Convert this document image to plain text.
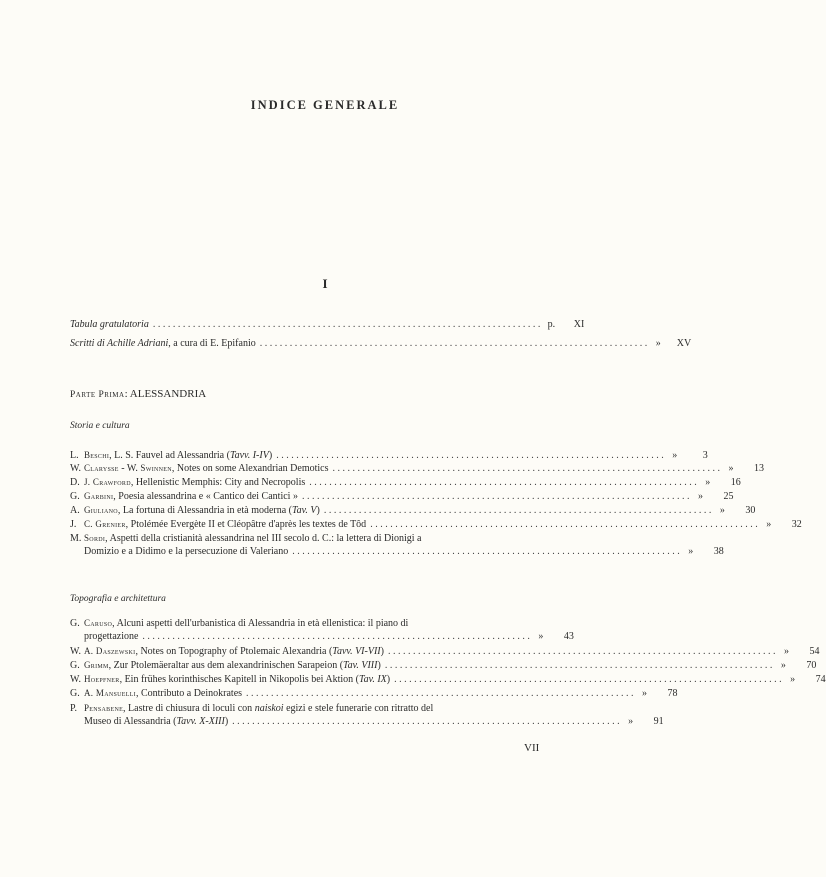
INDICE GENERALE
I
Tabula gratulatoria . . .	p.	XI
Scritti di Achille Adriani, a cura di E. Epifanio . . .	»	XV
Parte Prima: ALESSANDRIA
Storia e cultura
L. Beschi, L. S. Fauvel ad Alessandria (Tavv. I-IV) . . .	»	3
W. Clarysse - W. Swinnen, Notes on some Alexandrian Demotics . . .	»	13
D. J. Crawford, Hellenistic Memphis: City and Necropolis . . .	»	16
G. Garbini, Poesia alessandrina e « Cantico dei Cantici » . . .	»	25
A. Giuliano, La fortuna di Alessandria in età moderna (Tav. V) . . .	»	30
J. C. Grenier, Ptolémée Evergète II et Cléopâtre d'après les textes de Tôd . . .	»	32
M. Sordi, Aspetti della cristianità alessandrina nel III secolo d. C.: la lettera di Dionigi a
Domizio e a Didimo e la persecuzione di Valeriano . . .	»	38
Topografia e architettura
G. Caruso, Alcuni aspetti dell'urbanistica di Alessandria in età ellenistica: il piano di
progettazione . . .	»	43
W. A. Daszewski, Notes on Topography of Ptolemaic Alexandria (Tavv. VI-VII) . . .	»	54
G. Grimm, Zur Ptolemäeraltar aus dem alexandrinischen Sarapeion (Tav. VIII) . . .	»	70
W. Hoepfner, Ein frühes korinthisches Kapitell in Nikopolis bei Aktion (Tav. IX) . . .	»	74
G. A. Mansuelli, Contributo a Deinokrates . . .	»	78
P. Pensabene, Lastre di chiusura di loculi con naiskoi egizi e stele funerarie con ritratto del
Museo di Alessandria (Tavv. X-XIII) . . .	»	91
VII
